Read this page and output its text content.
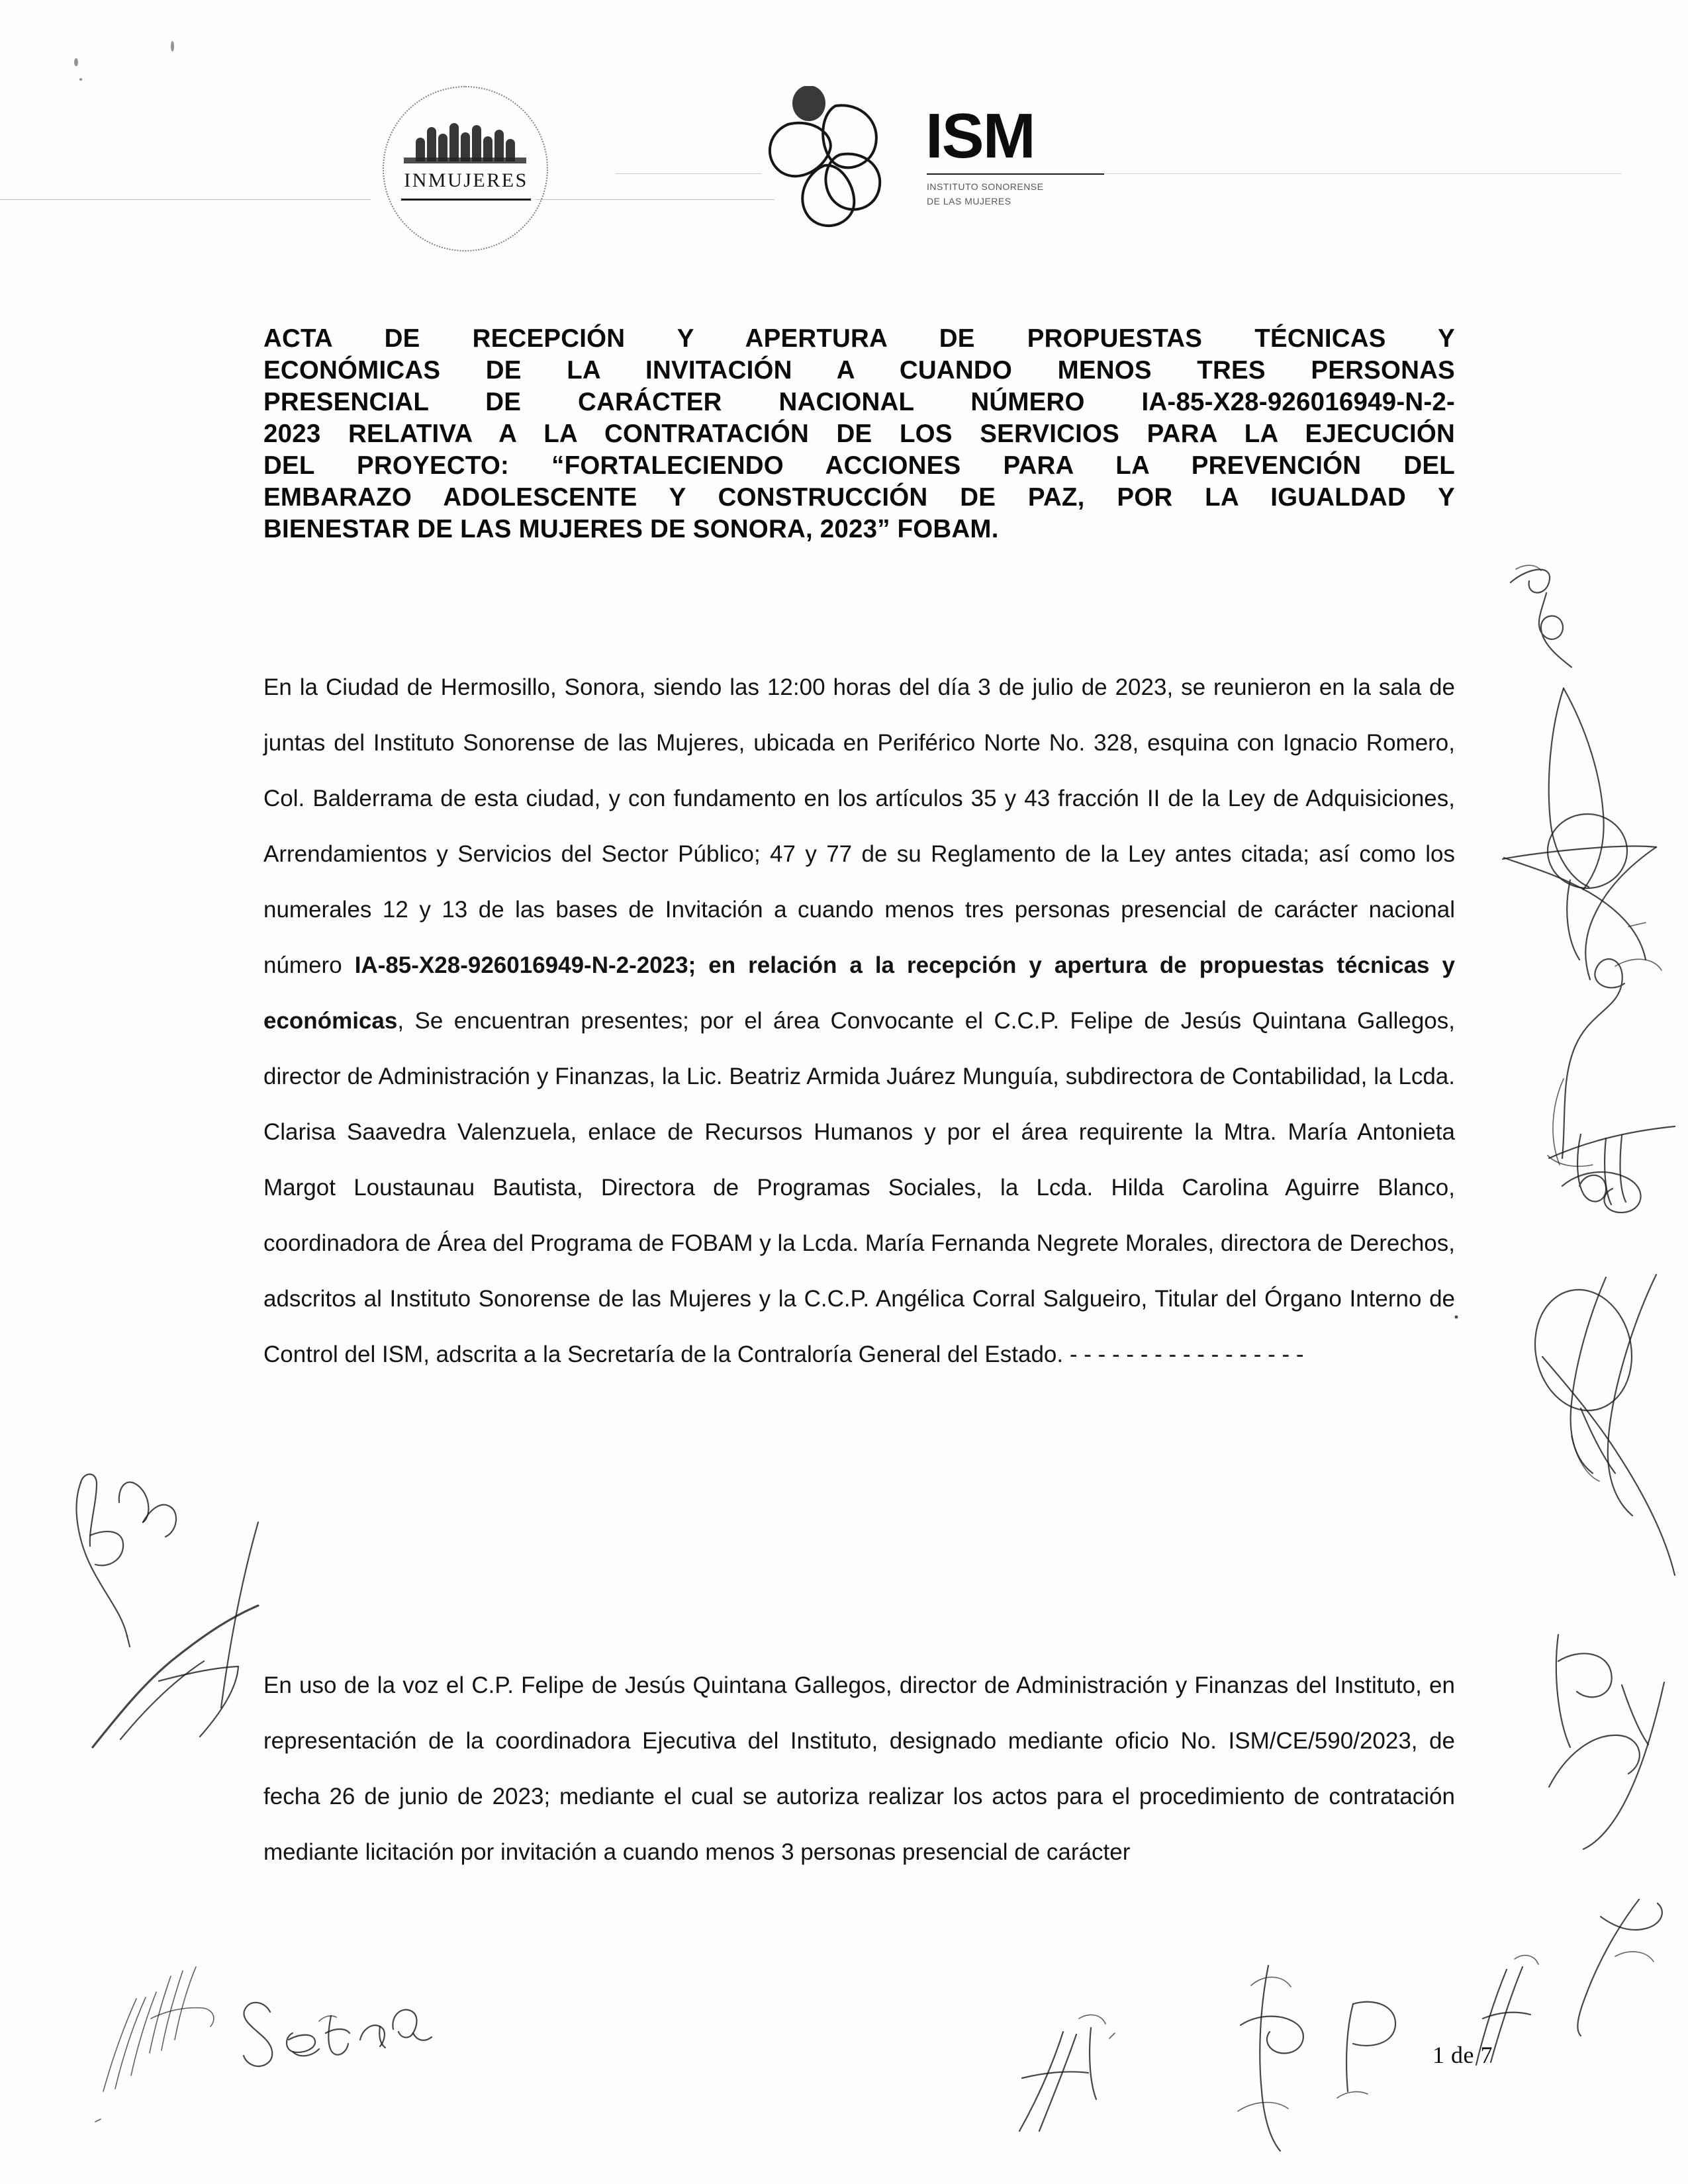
INMUJERES
ISM
INSTITUTO SONORENSE
DE LAS MUJERES
ACTA DE RECEPCIÓN Y APERTURA DE PROPUESTAS TÉCNICAS Y
ECONÓMICAS DE LA INVITACIÓN A CUANDO MENOS TRES PERSONAS
PRESENCIAL DE CARÁCTER NACIONAL NÚMERO IA-85-X28-926016949-N-2-
2023 RELATIVA A LA CONTRATACIÓN DE LOS SERVICIOS PARA LA EJECUCIÓN
DEL PROYECTO: “FORTALECIENDO ACCIONES PARA LA PREVENCIÓN DEL
EMBARAZO ADOLESCENTE Y CONSTRUCCIÓN DE PAZ, POR LA IGUALDAD Y
BIENESTAR DE LAS MUJERES DE SONORA, 2023” FOBAM.

En la Ciudad de Hermosillo, Sonora, siendo las 12:00 horas del día 3 de julio de 2023, se reunieron en la sala de juntas del Instituto Sonorense de las Mujeres, ubicada en Periférico Norte No. 328, esquina con Ignacio Romero, Col. Balderrama de esta ciudad, y con fundamento en los artículos 35 y 43 fracción II de la Ley de Adquisiciones, Arrendamientos y Servicios del Sector Público; 47 y 77 de su Reglamento de la Ley antes citada; así como los numerales 12 y 13 de las bases de Invitación a cuando menos tres personas presencial de carácter nacional número IA-85-X28-926016949-N-2-2023; en relación a la recepción y apertura de propuestas técnicas y económicas, Se encuentran presentes; por el área Convocante el C.C.P. Felipe de Jesús Quintana Gallegos, director de Administración y Finanzas, la Lic. Beatriz Armida Juárez Munguía, subdirectora de Contabilidad, la Lcda. Clarisa Saavedra Valenzuela, enlace de Recursos Humanos y por el área requirente la Mtra. María Antonieta Margot Loustaunau Bautista, Directora de Programas Sociales, la Lcda. Hilda Carolina Aguirre Blanco, coordinadora de Área del Programa de FOBAM y la Lcda. María Fernanda Negrete Morales, directora de Derechos, adscritos al Instituto Sonorense de las Mujeres y la C.C.P. Angélica Corral Salgueiro, Titular del Órgano Interno de Control del ISM, adscrita a la Secretaría de la Contraloría General del Estado. - - - - - - - - - - - - - - - - -

En uso de la voz el C.P. Felipe de Jesús Quintana Gallegos, director de Administración y Finanzas del Instituto, en representación de la coordinadora Ejecutiva del Instituto, designado mediante oficio No. ISM/CE/590/2023, de fecha 26 de junio de 2023; mediante el cual se autoriza realizar los actos para el procedimiento de contratación mediante licitación por invitación a cuando menos 3 personas presencial de carácter

1 de 7
